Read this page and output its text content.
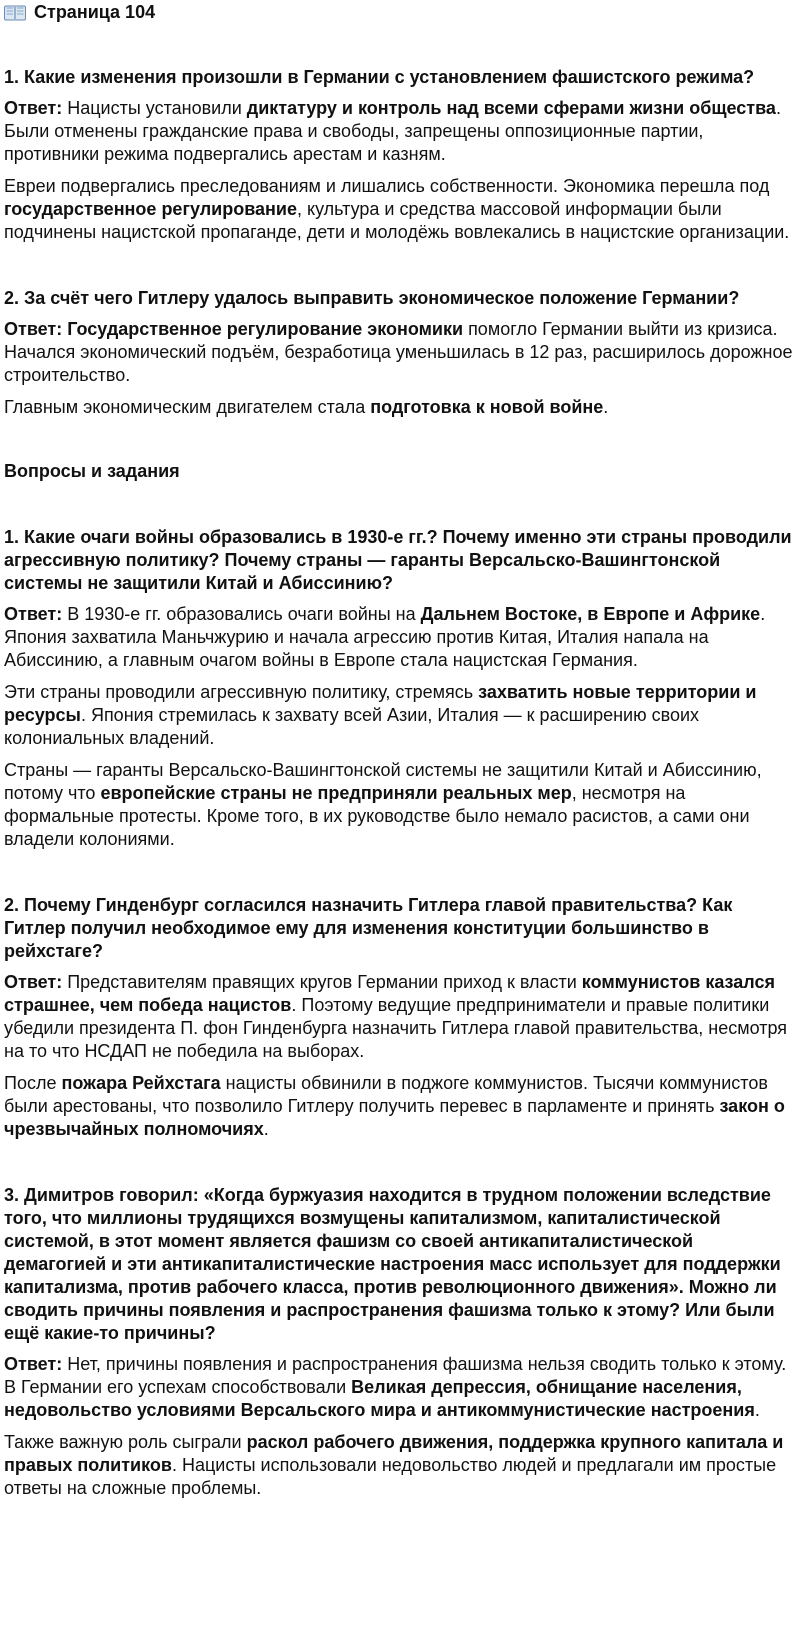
Страница 104
1. Какие изменения произошли в Германии с установлением фашистского режима?
Ответ: Нацисты установили диктатуру и контроль над всеми сферами жизни общества. Были отменены гражданские права и свободы, запрещены оппозиционные партии, противники режима подвергались арестам и казням.
Евреи подвергались преследованиям и лишались собственности. Экономика перешла под государственное регулирование, культура и средства массовой информации были подчинены нацистской пропаганде, дети и молодёжь вовлекались в нацистские организации.
2. За счёт чего Гитлеру удалось выправить экономическое положение Германии?
Ответ: Государственное регулирование экономики помогло Германии выйти из кризиса. Начался экономический подъём, безработица уменьшилась в 12 раз, расширилось дорожное строительство.
Главным экономическим двигателем стала подготовка к новой войне.
Вопросы и задания
1. Какие очаги войны образовались в 1930-е гг.? Почему именно эти страны проводили агрессивную политику? Почему страны — гаранты Версальско-Вашингтонской системы не защитили Китай и Абиссинию?
Ответ: В 1930-е гг. образовались очаги войны на Дальнем Востоке, в Европе и Африке. Япония захватила Маньчжурию и начала агрессию против Китая, Италия напала на Абиссинию, а главным очагом войны в Европе стала нацистская Германия.
Эти страны проводили агрессивную политику, стремясь захватить новые территории и ресурсы. Япония стремилась к захвату всей Азии, Италия — к расширению своих колониальных владений.
Страны — гаранты Версальско-Вашингтонской системы не защитили Китай и Абиссинию, потому что европейские страны не предприняли реальных мер, несмотря на формальные протесты. Кроме того, в их руководстве было немало расистов, а сами они владели колониями.
2. Почему Гинденбург согласился назначить Гитлера главой правительства? Как Гитлер получил необходимое ему для изменения конституции большинство в рейхстаге?
Ответ: Представителям правящих кругов Германии приход к власти коммунистов казался страшнее, чем победа нацистов. Поэтому ведущие предприниматели и правые политики убедили президента П. фон Гинденбурга назначить Гитлера главой правительства, несмотря на то что НСДАП не победила на выборах.
После пожара Рейхстага нацисты обвинили в поджоге коммунистов. Тысячи коммунистов были арестованы, что позволило Гитлеру получить перевес в парламенте и принять закон о чрезвычайных полномочиях.
3. Димитров говорил: «Когда буржуазия находится в трудном положении вследствие того, что миллионы трудящихся возмущены капитализмом, капиталистической системой, в этот момент является фашизм со своей антикапиталистической демагогией и эти антикапиталистические настроения масс использует для поддержки капитализма, против рабочего класса, против революционного движения». Можно ли сводить причины появления и распространения фашизма только к этому? Или были ещё какие-то причины?
Ответ: Нет, причины появления и распространения фашизма нельзя сводить только к этому. В Германии его успехам способствовали Великая депрессия, обнищание населения, недовольство условиями Версальского мира и антикоммунистические настроения.
Также важную роль сыграли раскол рабочего движения, поддержка крупного капитала и правых политиков. Нацисты использовали недовольство людей и предлагали им простые ответы на сложные проблемы.
